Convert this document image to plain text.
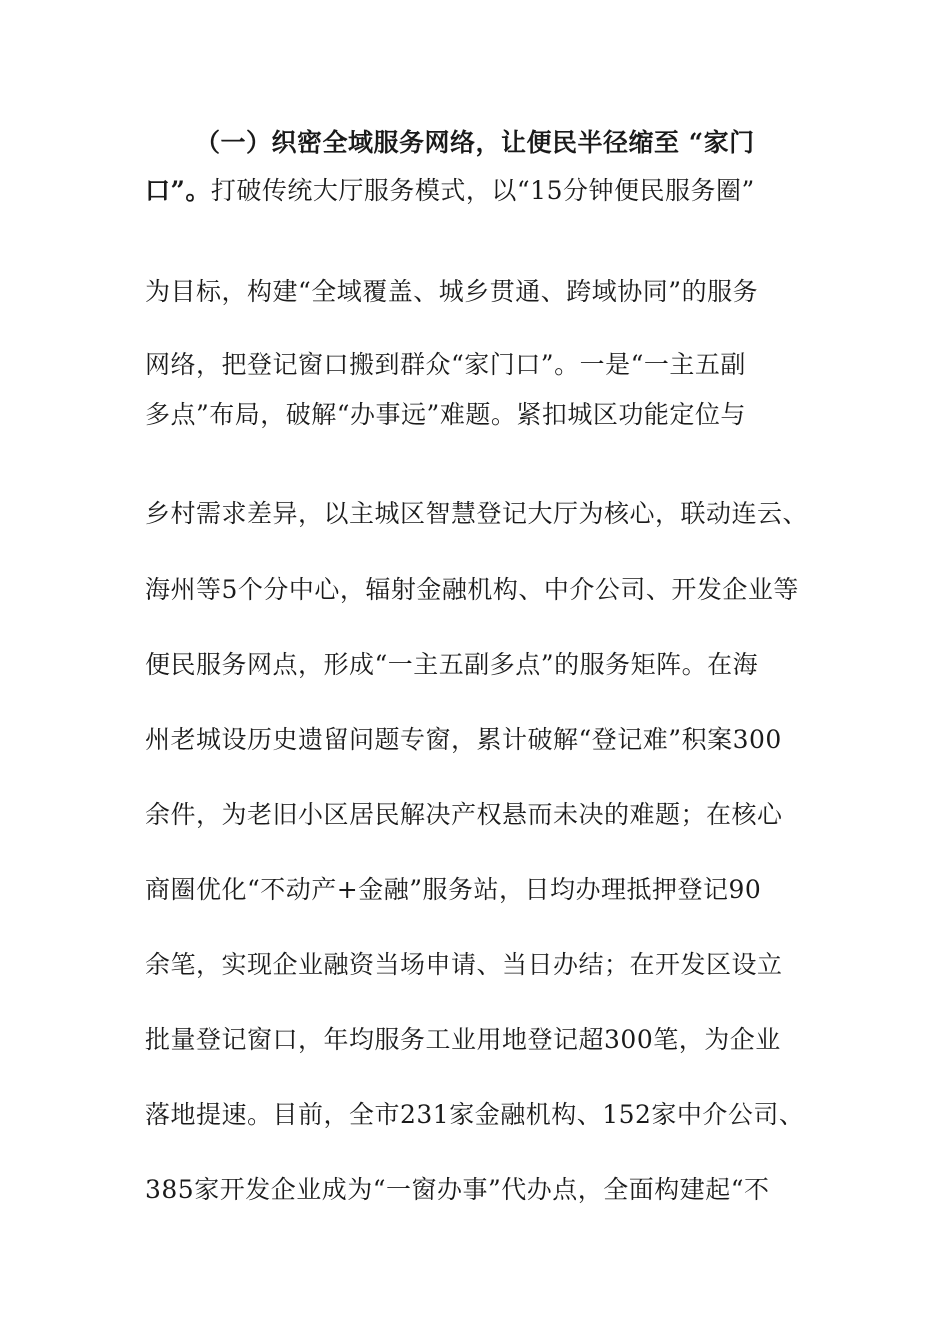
（一）织密全域服务网络，让便民半径缩至 “家门
口”。打破传统大厅服务模式，以“15分钟便民服务圈”
为目标，构建“全域覆盖、城乡贯通、跨域协同”的服务
网络，把登记窗口搬到群众“家门口”。一是“一主五副
多点”布局，破解“办事远”难题。紧扣城区功能定位与
乡村需求差异，以主城区智慧登记大厅为核心，联动连云、
海州等5个分中心，辐射金融机构、中介公司、开发企业等
便民服务网点，形成“一主五副多点”的服务矩阵。在海
州老城设历史遗留问题专窗，累计破解“登记难”积案300
余件，为老旧小区居民解决产权悬而未决的难题；在核心
商圈优化“不动产+金融”服务站，日均办理抵押登记90
余笔，实现企业融资当场申请、当日办结；在开发区设立
批量登记窗口，年均服务工业用地登记超300笔，为企业
落地提速。目前，全市231家金融机构、152家中介公司、
385家开发企业成为“一窗办事”代办点，全面构建起“不
